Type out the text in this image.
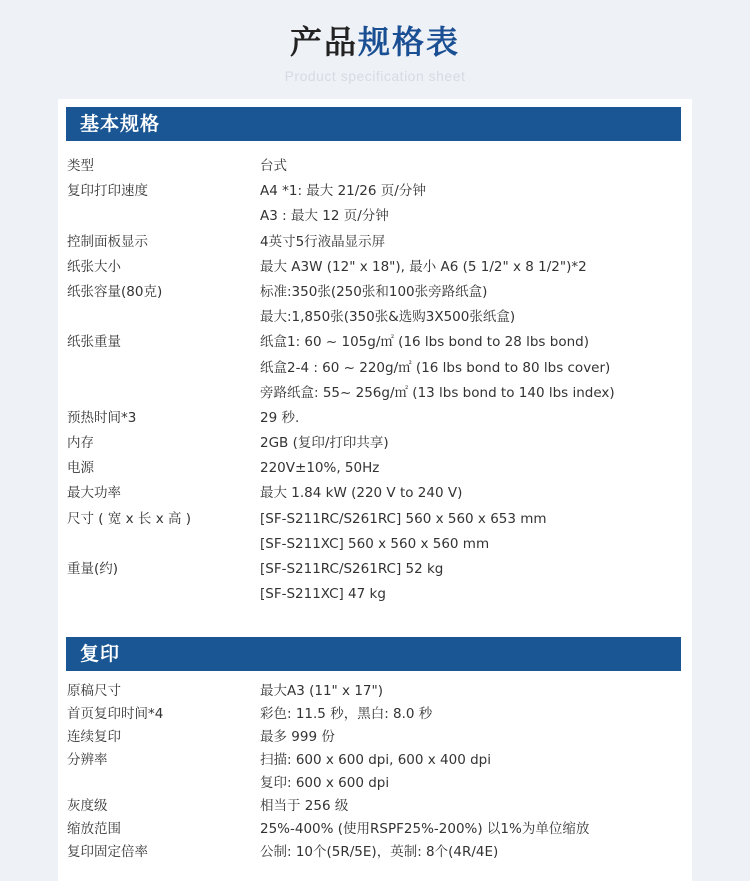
产品规格表
Product specification sheet
基本规格
类型	台式
复印打印速度	A4 *1: 最大 21/26 页/分钟
A3 : 最大 12 页/分钟
控制面板显示	4英寸5行液晶显示屏
纸张大小	最大 A3W (12" x 18"), 最小 A6 (5 1/2" x 8 1/2")*2
纸张容量(80克)	标准:350张(250张和100张旁路纸盒)
最大:1,850张(350张&选购3X500张纸盒)
纸张重量	纸盒1: 60 ~ 105g/㎡ (16 lbs bond to 28 lbs bond)
纸盒2-4 : 60 ~ 220g/㎡ (16 lbs bond to 80 lbs cover)
旁路纸盒: 55~ 256g/㎡ (13 lbs bond to 140 lbs index)
预热时间*3	29 秒.
内存	2GB (复印/打印共享)
电源	220V±10%, 50Hz
最大功率	最大 1.84 kW (220 V to 240 V)
尺寸 ( 宽 x 长 x 高 )	[SF-S211RC/S261RC] 560 x 560 x 653 mm
[SF-S211XC] 560 x 560 x 560 mm
重量(约)	[SF-S211RC/S261RC] 52 kg
[SF-S211XC] 47 kg
复印
原稿尺寸	最大A3 (11" x 17")
首页复印时间*4	彩色: 11.5 秒，黑白: 8.0 秒
连续复印	最多 999 份
分辨率	扫描: 600 x 600 dpi, 600 x 400 dpi
复印: 600 x 600 dpi
灰度级	相当于 256 级
缩放范围	25%-400% (使用RSPF25%-200%) 以1%为单位缩放
复印固定倍率	公制: 10个(5R/5E)，英制: 8个(4R/4E)
